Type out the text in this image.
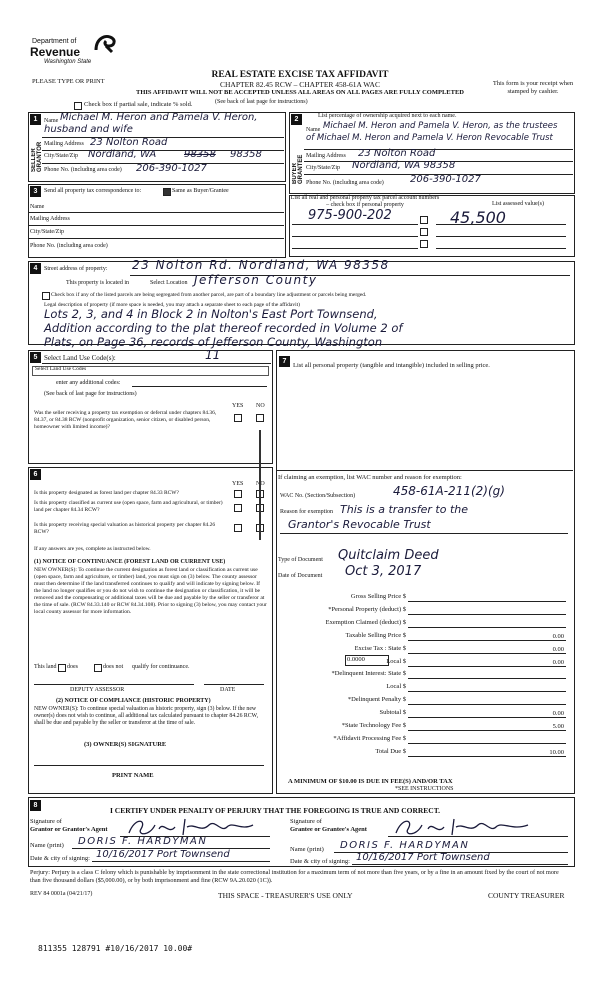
Department of
Revenue
Washington State
PLEASE TYPE OR PRINT
REAL ESTATE EXCISE TAX AFFIDAVIT
CHAPTER 82.45 RCW – CHAPTER 458-61A WAC
THIS AFFIDAVIT WILL NOT BE ACCEPTED UNLESS ALL AREAS ON ALL PAGES ARE FULLY COMPLETED
This form is your receipt when stamped by cashier.
Check box if partial sale, indicate % sold.	(See back of last page for instructions)
List percentage of ownership acquired next to each name.
1
SELLER GRANTOR
Name Michael M. Heron and Pamela V. Heron,
husband and wife
Mailing Address 23 Nolton Road
City/State/Zip Nordland, WA	98358 98358
Phone No. (including area code) 206-390-1027
2
BUYER GRANTEE
Name Michael M. Heron and Pamela V. Heron, as the trustees
of Michael M. Heron and Pamela V. Heron Revocable Trust
Mailing Address 23 Nolton Road
City/State/Zip Nordland, WA 98358
Phone No. (including area code)	206-390-1027
3	Send all property tax correspondence to:	Same as Buyer/Grantee
Name
Mailing Address
City/State/Zip
Phone No. (including area code)
List all real and personal property tax parcel account numbers – check box if personal property	List assessed value(s)
975-900-202	45,500
4	Street address of property: 23 Nolton Rd. Nordland, WA 98358
This property is located in	Select Location Jefferson County
Check box if any of the listed parcels are being segregated from another parcel, are part of a boundary line adjustment or parcels being merged.
Legal description of property (if more space is needed, you may attach a separate sheet to each page of the affidavit)
Lots 2, 3, and 4 in Block 2 in Nolton's East Port Townsend,
Addition according to the plat thereof recorded in Volume 2 of
Plats, on Page 36, records of Jefferson County, Washington
5 Select Land Use Code(s):	11
Select Land Use Codes
enter any additional codes:
(See back of last page for instructions)
YES NO
Was the seller receiving a property tax exemption or deferral under chapters 84.36, 84.37, or 84.38 RCW (nonprofit organization, senior citizen, or disabled person, homeowner with limited income)?
6
YES NO
Is this property designated as forest land per chapter 84.33 RCW?
Is this property classified as current use (open space, farm and agricultural, or timber) land per chapter 84.34 RCW?
Is this property receiving special valuation as historical property per chapter 84.26 RCW?
If any answers are yes, complete as instructed below.
(1) NOTICE OF CONTINUANCE (FOREST LAND OR CURRENT USE)
NEW OWNER(S): To continue the current designation as forest land or classification as current use (open space, farm and agriculture, or timber) land, you must sign on (3) below. The county assessor must then determine if the land transferred continues to qualify and will indicate by signing below. If the land no longer qualifies or you do not wish to continue the designation or classification, it will be removed and the compensating or additional taxes will be due and payable by the seller or transferor at the time of sale. (RCW 84.33.140 or RCW 84.34.108). Prior to signing (3) below, you may contact your local county assessor for more information.
This land does	does not qualify for continuance.
DEPUTY ASSESSOR	DATE
(2) NOTICE OF COMPLIANCE (HISTORIC PROPERTY)
NEW OWNER(S): To continue special valuation as historic property, sign (3) below. If the new owner(s) does not wish to continue, all additional tax calculated pursuant to chapter 84.26 RCW, shall be due and payable by the seller or transferor at the time of sale.
(3) OWNER(S) SIGNATURE
PRINT NAME
7
List all personal property (tangible and intangible) included in selling price.
If claiming an exemption, list WAC number and reason for exemption:
WAC No. (Section/Subsection)	458-61A-211(2)(g)
Reason for exemption This is a transfer to the
Grantor's Revocable Trust
Type of Document Quitclaim Deed
Date of Document Oct 3, 2017
Gross Selling Price $
*Personal Property (deduct) $
Exemption Claimed (deduct) $
Taxable Selling Price $	0.00
Excise Tax : State $	0.00
Local $	0.00
*Delinquent Interest: State $
Local $
*Delinquent Penalty $
Subtotal $	0.00
*State Technology Fee $	5.00
*Affidavit Processing Fee $
Total Due $	10.00
0.0000
A MINIMUM OF $10.00 IS DUE IN FEE(S) AND/OR TAX
*SEE INSTRUCTIONS
8
I CERTIFY UNDER PENALTY OF PERJURY THAT THE FOREGOING IS TRUE AND CORRECT.
Signature of
Grantor or Grantor's Agent
Name (print) DORIS F. HARDYMAN
Date & city of signing: 10/16/2017 Port Townsend
Signature of
Grantee or Grantee's Agent
Name (print) DORIS F. HARDYMAN
Date & city of signing: 10/16/2017 Port Townsend
Perjury: Perjury is a class C felony which is punishable by imprisonment in the state correctional institution for a maximum term of not more than five years, or by a fine in an amount fixed by the court of not more than five thousand dollars ($5,000.00), or by both imprisonment and fine (RCW 9A.20.020 (1C)).
REV 84 0001a (04/21/17)	THIS SPACE - TREASURER'S USE ONLY	COUNTY TREASURER
811355 128791 #10/16/2017 10.00#
